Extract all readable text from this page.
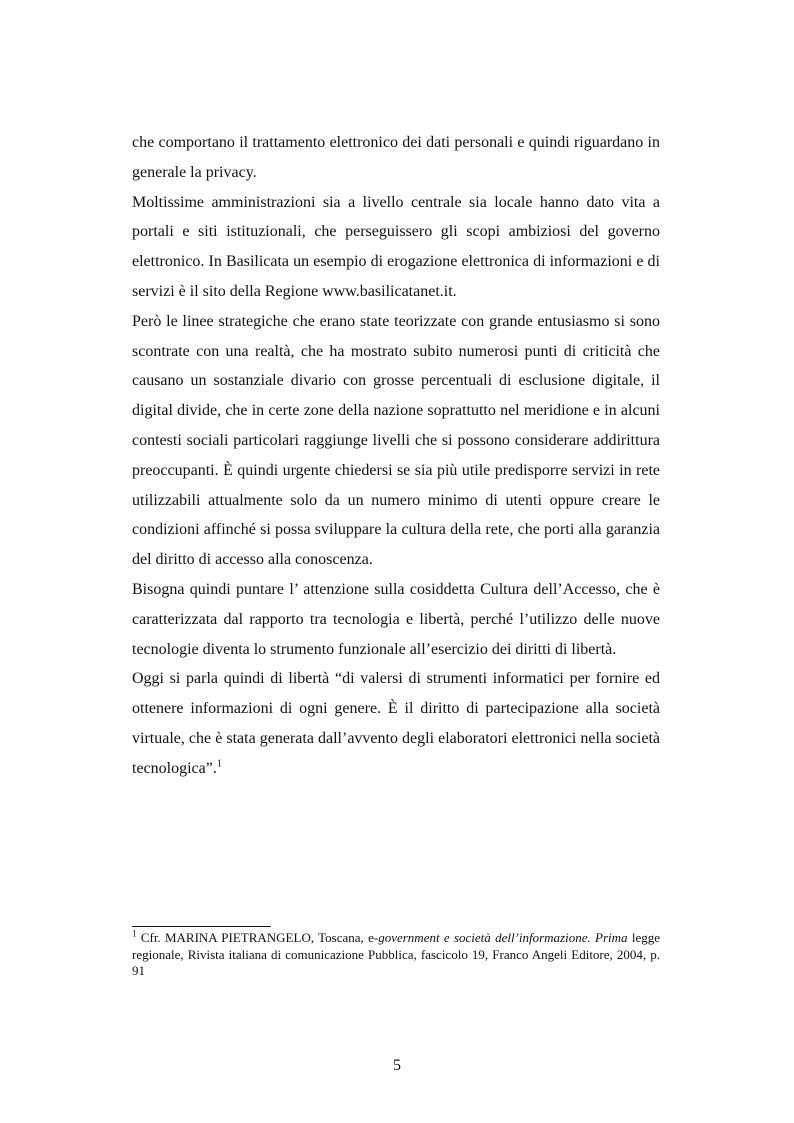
che comportano il trattamento elettronico dei dati personali e quindi riguardano in generale la privacy.

Moltissime amministrazioni sia a livello centrale sia locale hanno dato vita a portali e siti istituzionali, che perseguissero gli scopi ambiziosi del governo elettronico. In Basilicata un esempio di erogazione elettronica di informazioni e di servizi è il sito della Regione www.basilicatanet.it.

Però le linee strategiche che erano state teorizzate con grande entusiasmo si sono scontrate con una realtà, che ha mostrato subito numerosi punti di criticità che causano un sostanziale divario con grosse percentuali di esclusione digitale, il digital divide, che in certe zone della nazione soprattutto nel meridione e in alcuni contesti sociali particolari raggiunge livelli che si possono considerare addirittura preoccupanti. È quindi urgente chiedersi se sia più utile predisporre servizi in rete utilizzabili attualmente solo da un numero minimo di utenti oppure creare le condizioni affinché si possa sviluppare la cultura della rete, che porti alla garanzia del diritto di accesso alla conoscenza.

Bisogna quindi puntare l’ attenzione sulla cosiddetta Cultura dell’Accesso, che è caratterizzata dal rapporto tra tecnologia e libertà, perché l’utilizzo delle nuove tecnologie diventa lo strumento funzionale all’esercizio dei diritti di libertà.

Oggi si parla quindi di libertà “di valersi di strumenti informatici per fornire ed ottenere informazioni di ogni genere. È il diritto di partecipazione alla società virtuale, che è stata generata dall’avvento degli elaboratori elettronici nella società tecnologica”.$^1$

$^1$ Cfr. MARINA PIETRANGELO, Toscana, e-government e società dell’informazione. Prima legge regionale, Rivista italiana di comunicazione Pubblica, fascicolo 19, Franco Angeli Editore, 2004, p. 91

5
